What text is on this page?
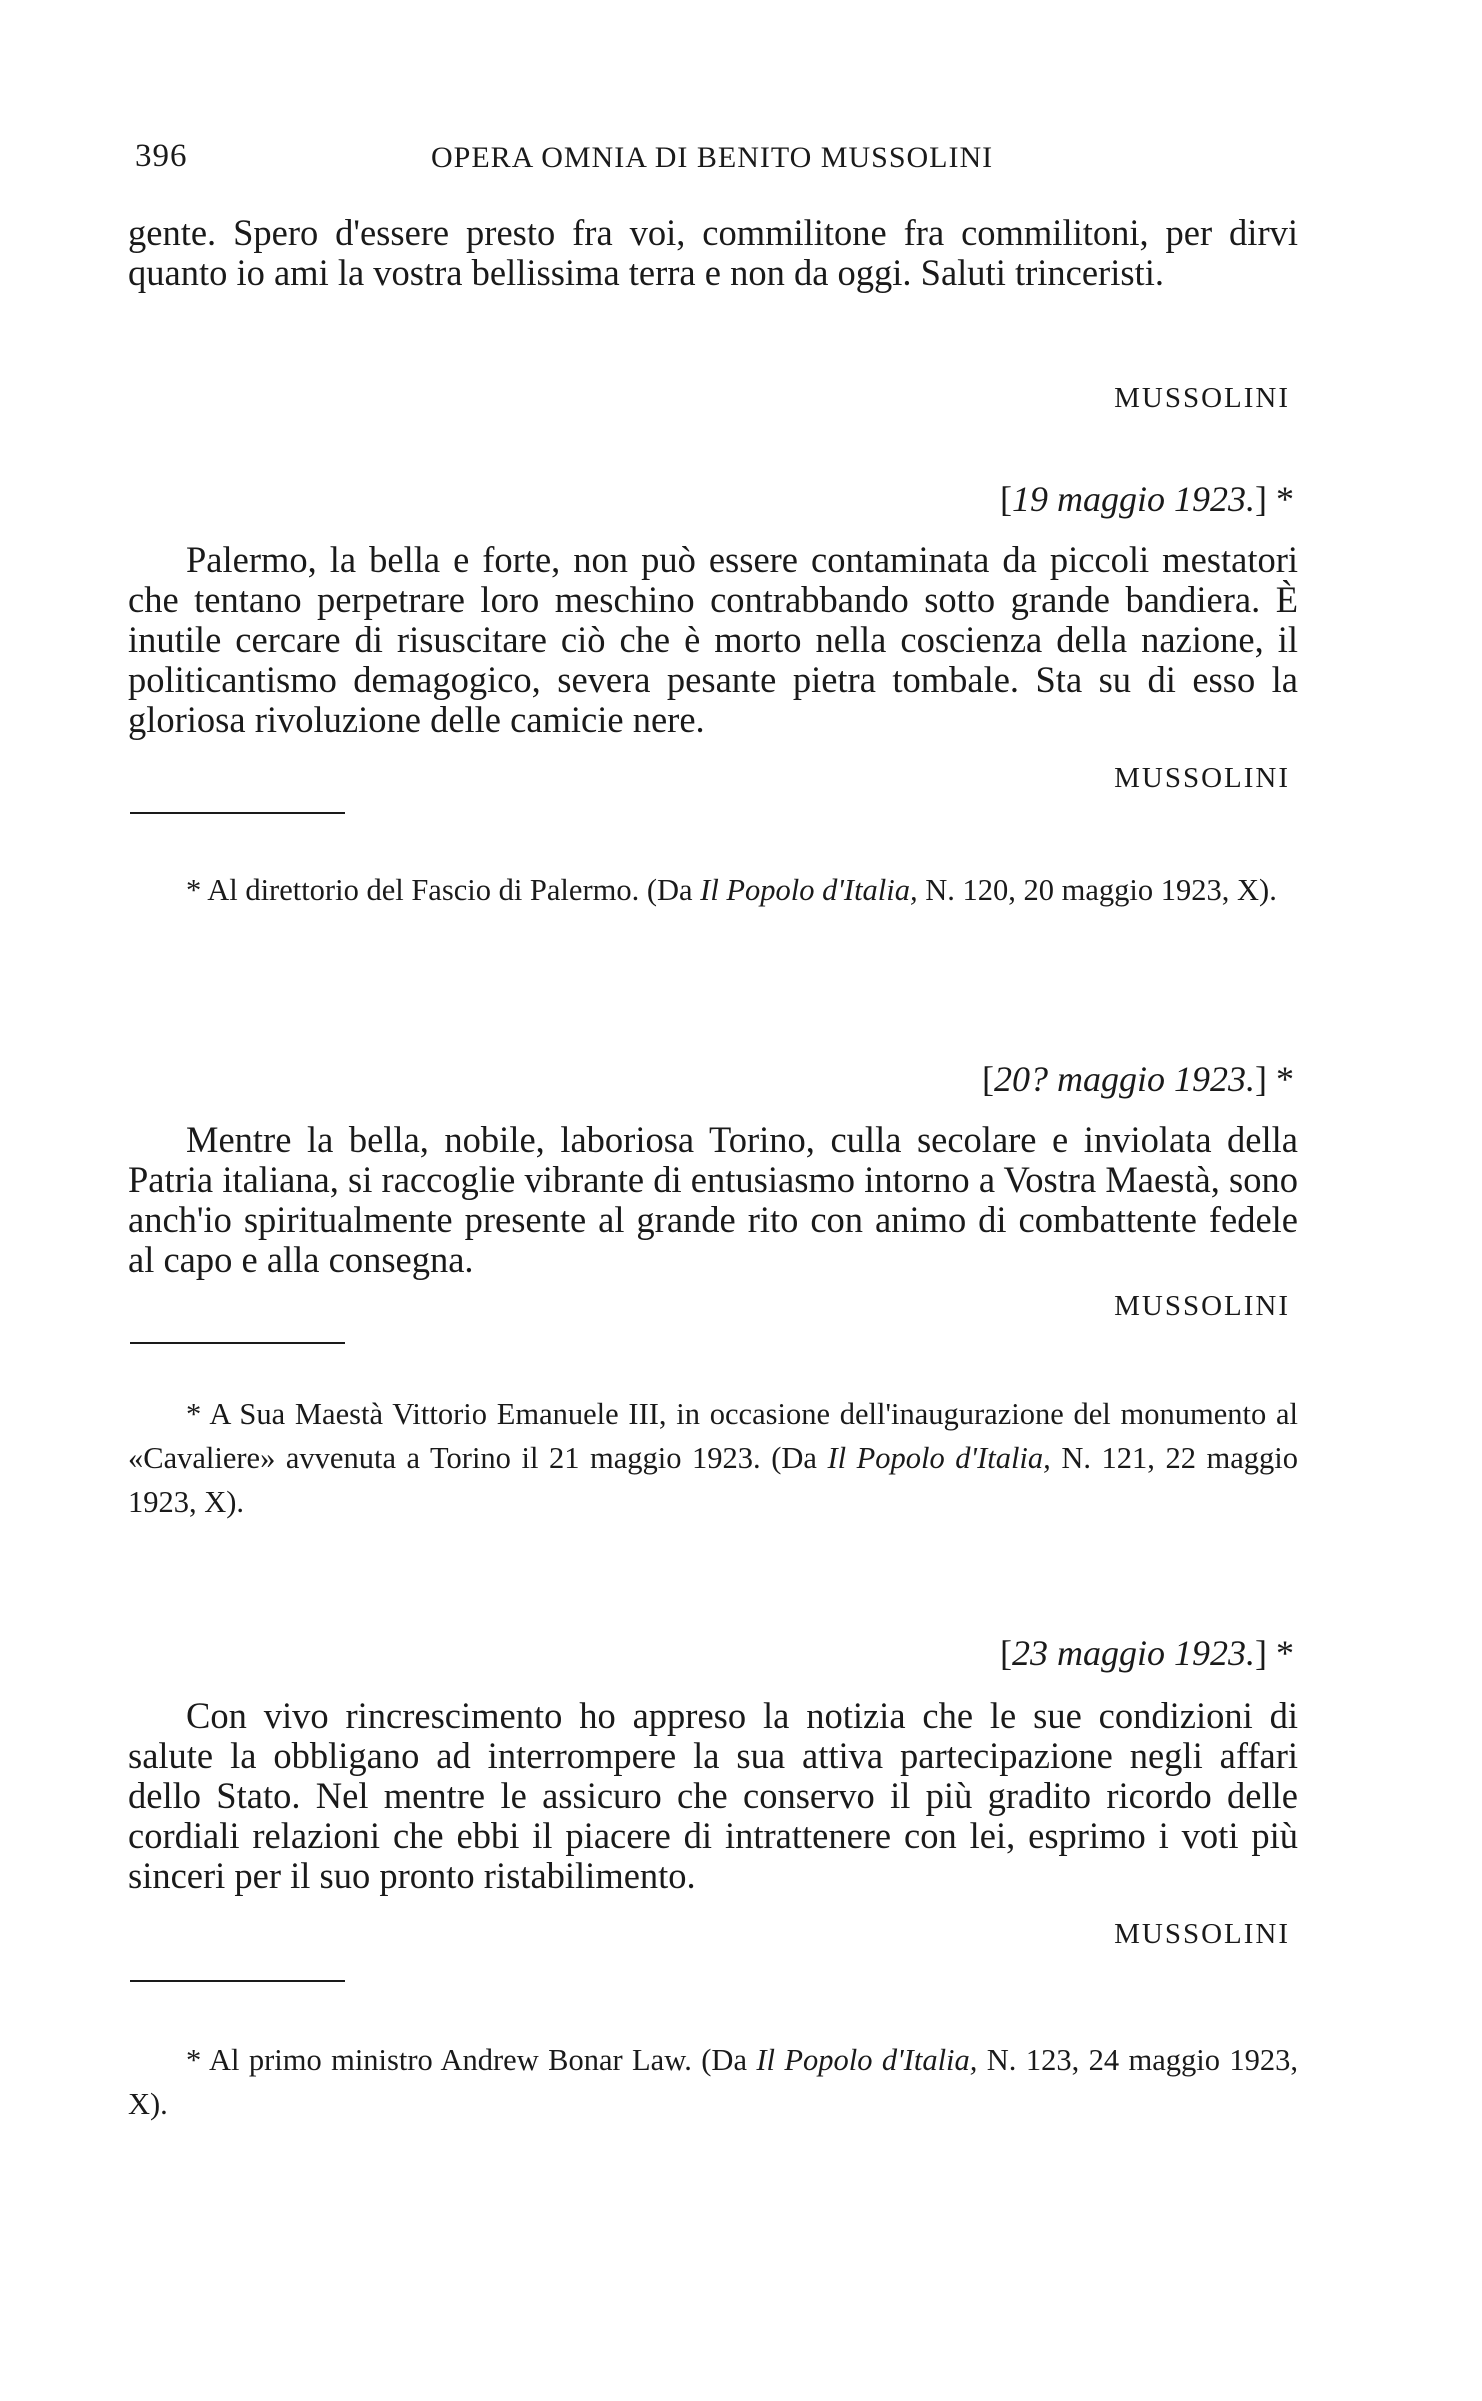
396	OPERA OMNIA DI BENITO MUSSOLINI
gente. Spero d'essere presto fra voi, commilitone fra commilitoni, per dirvi quanto io ami la vostra bellissima terra e non da oggi. Saluti trinceristi.
MUSSOLINI
[19 maggio 1923.] *
Palermo, la bella e forte, non può essere contaminata da piccoli mestatori che tentano perpetrare loro meschino contrabbando sotto grande bandiera. È inutile cercare di risuscitare ciò che è morto nella coscienza della nazione, il politicantismo demagogico, severa pesante pietra tombale. Sta su di esso la gloriosa rivoluzione delle camicie nere.
MUSSOLINI
* Al direttorio del Fascio di Palermo. (Da Il Popolo d'Italia, N. 120, 20 maggio 1923, X).
[20? maggio 1923.] *
Mentre la bella, nobile, laboriosa Torino, culla secolare e inviolata della Patria italiana, si raccoglie vibrante di entusiasmo intorno a Vostra Maestà, sono anch'io spiritualmente presente al grande rito con animo di combattente fedele al capo e alla consegna.
MUSSOLINI
* A Sua Maestà Vittorio Emanuele III, in occasione dell'inaugurazione del monumento al «Cavaliere» avvenuta a Torino il 21 maggio 1923. (Da Il Popolo d'Italia, N. 121, 22 maggio 1923, X).
[23 maggio 1923.] *
Con vivo rincrescimento ho appreso la notizia che le sue condizioni di salute la obbligano ad interrompere la sua attiva partecipazione negli affari dello Stato. Nel mentre le assicuro che conservo il più gradito ricordo delle cordiali relazioni che ebbi il piacere di intrattenere con lei, esprimo i voti più sinceri per il suo pronto ristabilimento.
MUSSOLINI
* Al primo ministro Andrew Bonar Law. (Da Il Popolo d'Italia, N. 123, 24 maggio 1923, X).
